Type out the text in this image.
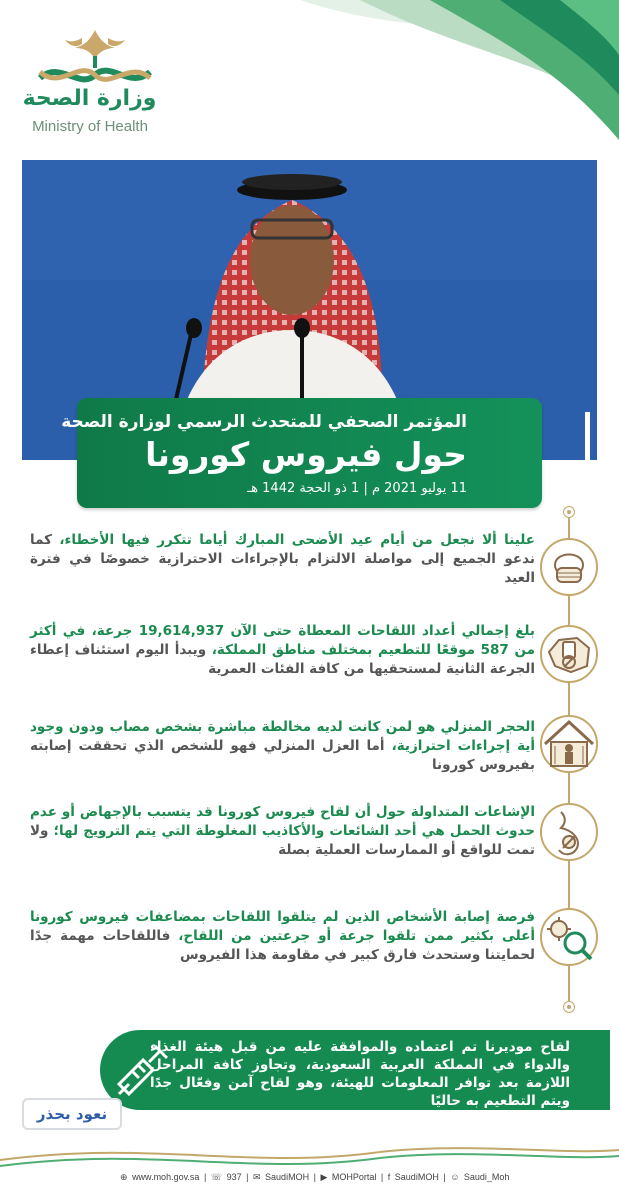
وزارة الصحة
Ministry of Health
المؤتمر الصحفي للمتحدث الرسمي لوزارة الصحة
حول فيروس كورونا
11 يوليو 2021 م | 1 ذو الحجة 1442 هـ
علينا ألا نجعل من أيام عيد الأضحى المبارك أياما تتكرر فيها الأخطاء، كما ندعو الجميع إلى مواصلة الالتزام بالإجراءات الاحترازية خصوصًا في فترة العيد
بلغ إجمالي أعداد اللقاحات المعطاة حتى الآن 19,614,937 جرعة، في أكثر من 587 موقعًا للتطعيم بمختلف مناطق المملكة، ويبدأ اليوم استئناف إعطاء الجرعة الثانية لمستحقيها من كافة الفئات العمرية
الحجر المنزلي هو لمن كانت لديه مخالطة مباشرة بشخص مصاب ودون وجود أية إجراءات احترازية، أما العزل المنزلي فهو للشخص الذي تحققت إصابته بفيروس كورونا
الإشاعات المتداولة حول أن لقاح فيروس كورونا قد يتسبب بالإجهاض أو عدم حدوث الحمل هي أحد الشائعات والأكاذيب المغلوطة التي يتم الترويج لها؛ ولا تمت للواقع أو الممارسات العملية بصلة
فرصة إصابة الأشخاص الذين لم يتلقوا اللقاحات بمضاعفات فيروس كورونا أعلى بكثير ممن تلقوا جرعة أو جرعتين من اللقاح، فاللقاحات مهمة جدًا لحمايتنا وستحدث فارق كبير في مقاومة هذا الفيروس
لقاح موديرنا تم اعتماده والموافقة عليه من قبل هيئة الغذاء والدواء في المملكة العربية السعودية، وتجاوز كافة المراحل اللازمة بعد توافر المعلومات للهيئة، وهو لقاح آمن وفعّال جدًا ويتم التطعيم به حاليًا
نعود بحذر
⊕ www.moh.gov.sa | ☏ 937 | ✉ SaudiMOH | ▶ MOHPortal | f SaudiMOH | ☺ Saudi_Moh
